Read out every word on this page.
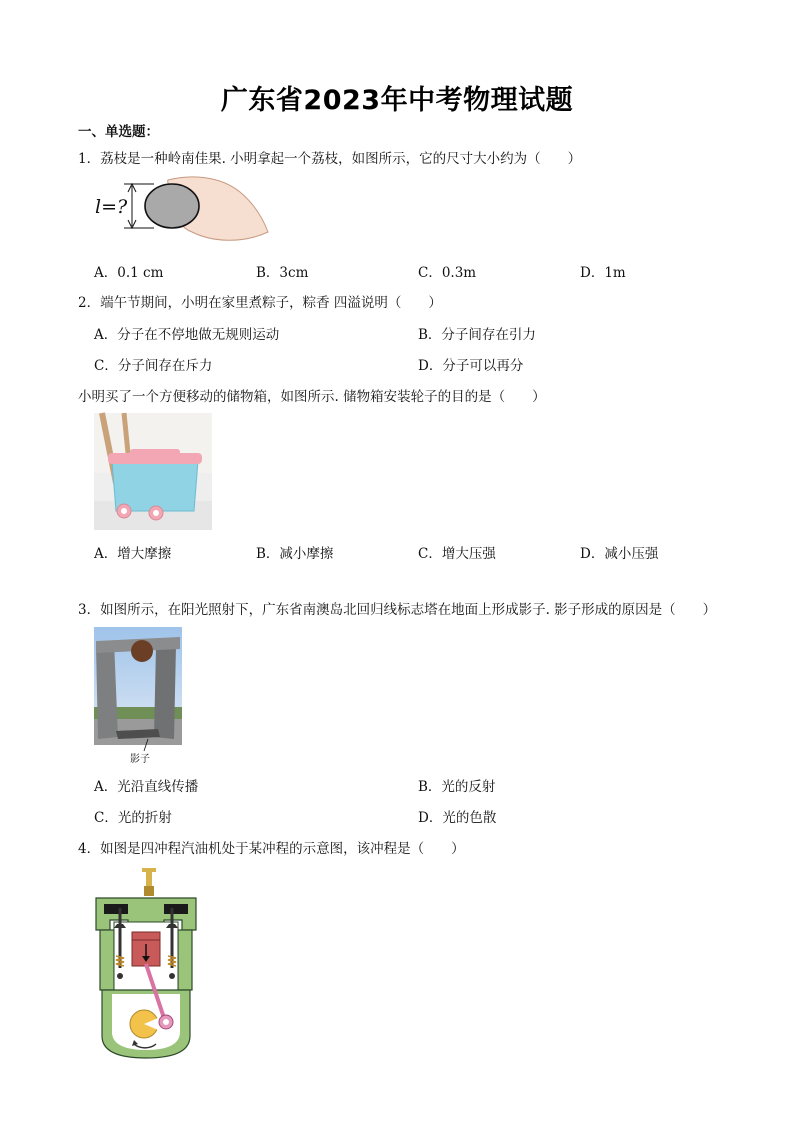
广东省2023年中考物理试题
一、单选题：
1．荔枝是一种岭南佳果. 小明拿起一个荔枝，如图所示，它的尺寸大小约为（　　）
l=?
A．0.1 cm	B．3cm	C．0.3m	D．1m
2．端午节期间，小明在家里煮粽子，粽香 四溢说明（　　）
A．分子在不停地做无规则运动	B．分子间存在引力
C．分子间存在斥力	D．分子可以再分
小明买了一个方便移动的储物箱，如图所示. 储物箱安装轮子的目的是（　　）
A．增大摩擦	B．减小摩擦	C．增大压强	D．减小压强
3．如图所示，在阳光照射下，广东省南澳岛北回归线标志塔在地面上形成影子. 影子形成的原因是（　　）
影子
A．光沿直线传播	B．光的反射
C．光的折射	D．光的色散
4．如图是四冲程汽油机处于某冲程的示意图，该冲程是（　　）
